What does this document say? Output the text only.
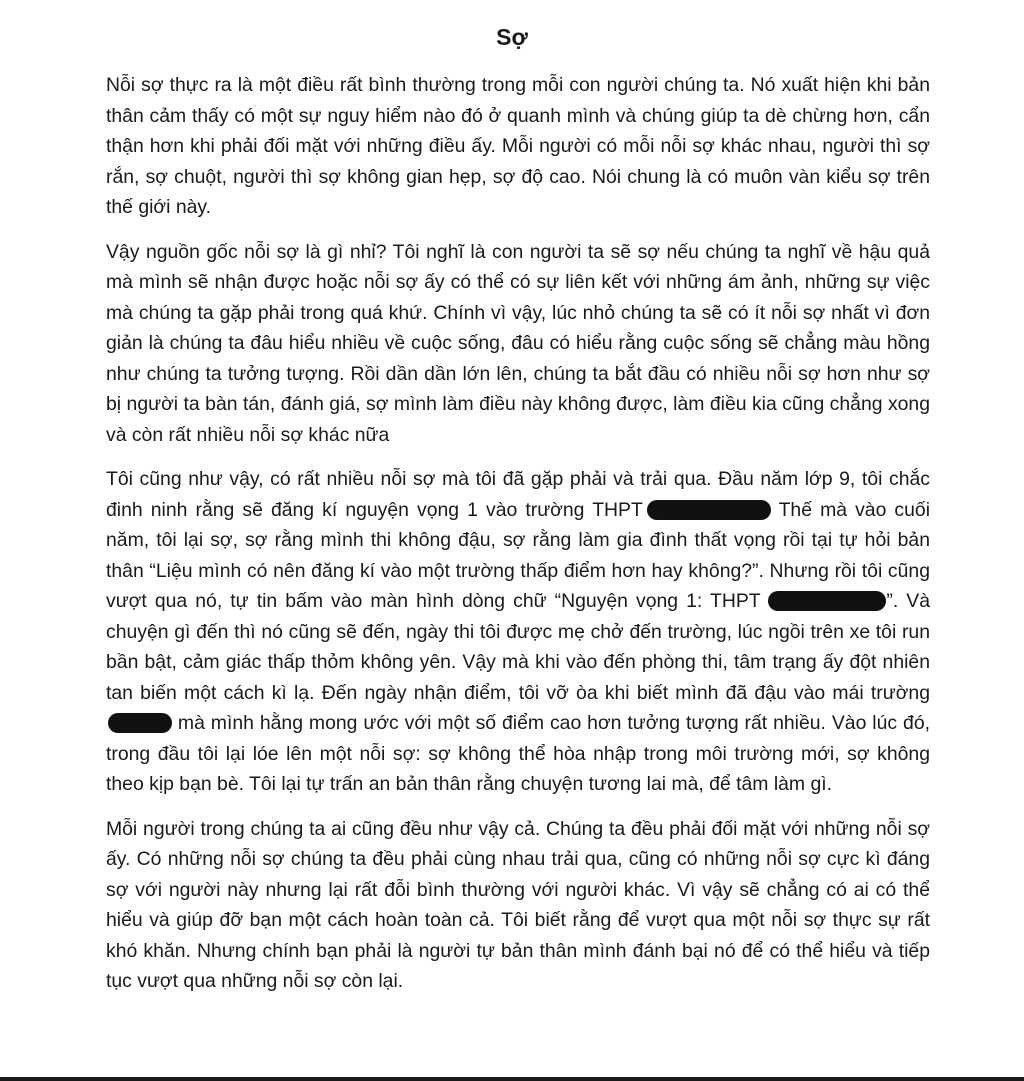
Sợ

Nỗi sợ thực ra là một điều rất bình thường trong mỗi con người chúng ta. Nó xuất hiện khi bản thân cảm thấy có một sự nguy hiểm nào đó ở quanh mình và chúng giúp ta dè chừng hơn, cẩn thận hơn khi phải đối mặt với những điều ấy. Mỗi người có mỗi nỗi sợ khác nhau, người thì sợ rắn, sợ chuột, người thì sợ không gian hẹp, sợ độ cao. Nói chung là có muôn vàn kiểu sợ trên thế giới này.

Vậy nguồn gốc nỗi sợ là gì nhỉ? Tôi nghĩ là con người ta sẽ sợ nếu chúng ta nghĩ về hậu quả mà mình sẽ nhận được hoặc nỗi sợ ấy có thể có sự liên kết với những ám ảnh, những sự việc mà chúng ta gặp phải trong quá khứ. Chính vì vậy, lúc nhỏ chúng ta sẽ có ít nỗi sợ nhất vì đơn giản là chúng ta đâu hiểu nhiều về cuộc sống, đâu có hiểu rằng cuộc sống sẽ chẳng màu hồng như chúng ta tưởng tượng. Rồi dần dần lớn lên, chúng ta bắt đầu có nhiều nỗi sợ hơn như sợ bị người ta bàn tán, đánh giá, sợ mình làm điều này không được, làm điều kia cũng chẳng xong và còn rất nhiều nỗi sợ khác nữa

Tôi cũng như vậy, có rất nhiều nỗi sợ mà tôi đã gặp phải và trải qua. Đầu năm lớp 9, tôi chắc đinh ninh rằng sẽ đăng kí nguyện vọng 1 vào trường THPT	Thế mà vào cuối năm, tôi lại sợ, sợ rằng mình thi không đậu, sợ rằng làm gia đình thất vọng rồi tại tự hỏi bản thân “Liệu mình có nên đăng kí vào một trường thấp điểm hơn hay không?”. Nhưng rồi tôi cũng vượt qua nó, tự tin bấm vào màn hình dòng chữ “Nguyện vọng 1: THPT	”. Và chuyện gì đến thì nó cũng sẽ đến, ngày thi tôi được mẹ chở đến trường, lúc ngồi trên xe tôi run bần bật, cảm giác thấp thỏm không yên. Vậy mà khi vào đến phòng thi, tâm trạng ấy đột nhiên tan biến một cách kì lạ. Đến ngày nhận điểm, tôi vỡ òa khi biết mình đã đậu vào mái trường mà mình hằng mong ước với một số điểm cao hơn tưởng tượng rất nhiều. Vào lúc đó, trong đầu tôi lại lóe lên một nỗi sợ: sợ không thể hòa nhập trong môi trường mới, sợ không theo kịp bạn bè. Tôi lại tự trấn an bản thân rằng chuyện tương lai mà, để tâm làm gì.

Mỗi người trong chúng ta ai cũng đều như vậy cả. Chúng ta đều phải đối mặt với những nỗi sợ ấy. Có những nỗi sợ chúng ta đều phải cùng nhau trải qua, cũng có những nỗi sợ cực kì đáng sợ với người này nhưng lại rất đỗi bình thường với người khác. Vì vậy sẽ chẳng có ai có thể hiểu và giúp đỡ bạn một cách hoàn toàn cả. Tôi biết rằng để vượt qua một nỗi sợ thực sự rất khó khăn. Nhưng chính bạn phải là người tự bản thân mình đánh bại nó để có thể hiểu và tiếp tục vượt qua những nỗi sợ còn lại.
